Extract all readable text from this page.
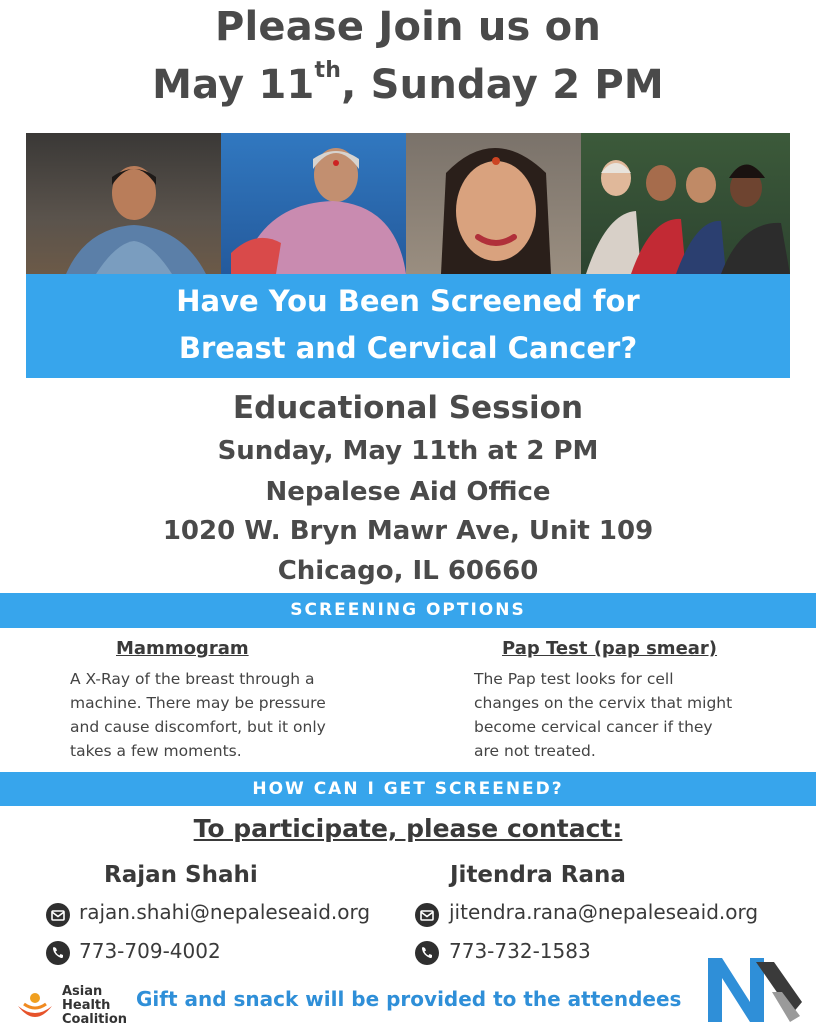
Please Join us on
May 11th, Sunday 2 PM
Have You Been Screened for
Breast and Cervical Cancer?
Educational Session
Sunday, May 11th at 2 PM
Nepalese Aid Office
1020 W. Bryn Mawr Ave, Unit 109
Chicago, IL 60660
SCREENING OPTIONS
Mammogram
A X-Ray of the breast through a
machine. There may be pressure
and cause discomfort, but it only
takes a few moments.
Pap Test (pap smear)
The Pap test looks for cell
changes on the cervix that might
become cervical cancer if they
are not treated.
HOW CAN I GET SCREENED?
To participate, please contact:
Rajan Shahi
rajan.shahi@nepaleseaid.org
773-709-4002
Jitendra Rana
jitendra.rana@nepaleseaid.org
773-732-1583
Asian
Health
Coalition
Gift and snack will be provided to the attendees
